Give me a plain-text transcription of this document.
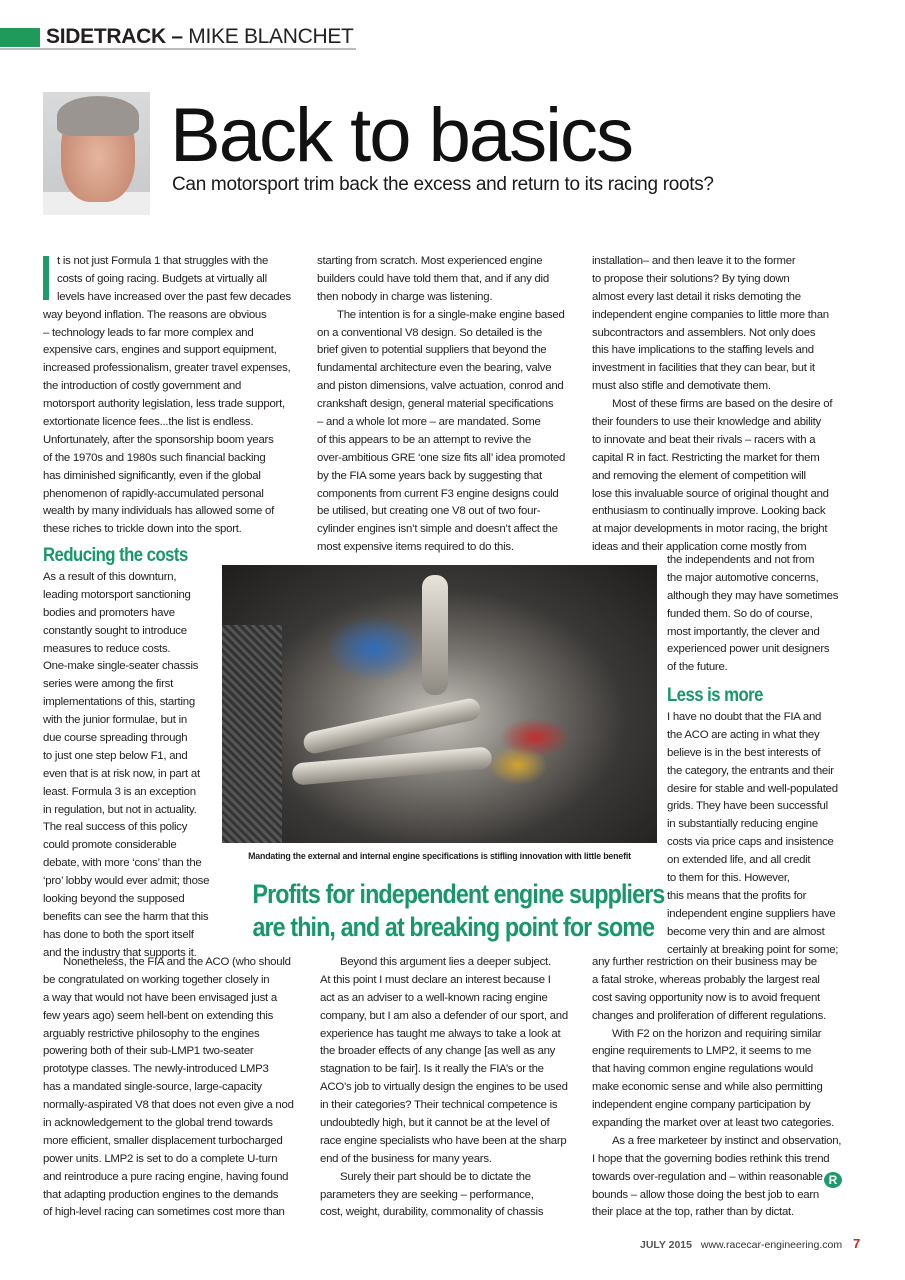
SIDETRACK – MIKE BLANCHET
Back to basics
Can motorsport trim back the excess and return to its racing roots?
t is not just Formula 1 that struggles with the
costs of going racing. Budgets at virtually all
levels have increased over the past few decades
way beyond inflation. The reasons are obvious
– technology leads to far more complex and
expensive cars, engines and support equipment,
increased professionalism, greater travel expenses,
the introduction of costly government and
motorsport authority legislation, less trade support,
extortionate licence fees...the list is endless.
Unfortunately, after the sponsorship boom years
of the 1970s and 1980s such financial backing
has diminished significantly, even if the global
phenomenon of rapidly-accumulated personal
wealth by many individuals has allowed some of
these riches to trickle down into the sport.
Reducing the costs
As a result of this downturn,
leading motorsport sanctioning
bodies and promoters have
constantly sought to introduce
measures to reduce costs.
One-make single-seater chassis
series were among the first
implementations of this, starting
with the junior formulae, but in
due course spreading through
to just one step below F1, and
even that is at risk now, in part at
least. Formula 3 is an exception
in regulation, but not in actuality.
The real success of this policy
could promote considerable
debate, with more ‘cons’ than the
‘pro’ lobby would ever admit; those
looking beyond the supposed
benefits can see the harm that this
has done to both the sport itself
and the industry that supports it.
Nonetheless, the FIA and the ACO (who should
be congratulated on working together closely in
a way that would not have been envisaged just a
few years ago) seem hell-bent on extending this
arguably restrictive philosophy to the engines
powering both of their sub-LMP1 two-seater
prototype classes. The newly-introduced LMP3
has a mandated single-source, large-capacity
normally-aspirated V8 that does not even give a nod
in acknowledgement to the global trend towards
more efficient, smaller displacement turbocharged
power units. LMP2 is set to do a complete U-turn
and reintroduce a pure racing engine, having found
that adapting production engines to the demands
of high-level racing can sometimes cost more than
starting from scratch. Most experienced engine
builders could have told them that, and if any did
then nobody in charge was listening.
The intention is for a single-make engine based
on a conventional V8 design. So detailed is the
brief given to potential suppliers that beyond the
fundamental architecture even the bearing, valve
and piston dimensions, valve actuation, conrod and
crankshaft design, general material specifications
– and a whole lot more – are mandated. Some
of this appears to be an attempt to revive the
over-ambitious GRE ‘one size fits all’ idea promoted
by the FIA some years back by suggesting that
components from current F3 engine designs could
be utilised, but creating one V8 out of two four-
cylinder engines isn’t simple and doesn’t affect the
most expensive items required to do this.
Mandating the external and internal engine specifications is stifling innovation with little benefit
Profits for independent engine suppliers
are thin, and at breaking point for some
Beyond this argument lies a deeper subject.
At this point I must declare an interest because I
act as an adviser to a well-known racing engine
company, but I am also a defender of our sport, and
experience has taught me always to take a look at
the broader effects of any change [as well as any
stagnation to be fair]. Is it really the FIA’s or the
ACO’s job to virtually design the engines to be used
in their categories? Their technical competence is
undoubtedly high, but it cannot be at the level of
race engine specialists who have been at the sharp
end of the business for many years.
Surely their part should be to dictate the
parameters they are seeking – performance,
cost, weight, durability, commonality of chassis
installation– and then leave it to the former
to propose their solutions? By tying down
almost every last detail it risks demoting the
independent engine companies to little more than
subcontractors and assemblers. Not only does
this have implications to the staffing levels and
investment in facilities that they can bear, but it
must also stifle and demotivate them.
Most of these firms are based on the desire of
their founders to use their knowledge and ability
to innovate and beat their rivals – racers with a
capital R in fact. Restricting the market for them
and removing the element of competition will
lose this invaluable source of original thought and
enthusiasm to continually improve. Looking back
at major developments in motor racing, the bright
ideas and their application come mostly from
the independents and not from
the major automotive concerns,
although they may have sometimes
funded them. So do of course,
most importantly, the clever and
experienced power unit designers
of the future.
Less is more
I have no doubt that the FIA and
the ACO are acting in what they
believe is in the best interests of
the category, the entrants and their
desire for stable and well-populated
grids. They have been successful
in substantially reducing engine
costs via price caps and insistence
on extended life, and all credit
to them for this. However,
this means that the profits for
independent engine suppliers have
become very thin and are almost
certainly at breaking point for some;
any further restriction on their business may be
a fatal stroke, whereas probably the largest real
cost saving opportunity now is to avoid frequent
changes and proliferation of different regulations.
With F2 on the horizon and requiring similar
engine requirements to LMP2, it seems to me
that having common engine regulations would
make economic sense and while also permitting
independent engine company participation by
expanding the market over at least two categories.
As a free marketeer by instinct and observation,
I hope that the governing bodies rethink this trend
towards over-regulation and – within reasonable
bounds – allow those doing the best job to earn
their place at the top, rather than by dictat.
R
JULY 2015 www.racecar-engineering.com 7
